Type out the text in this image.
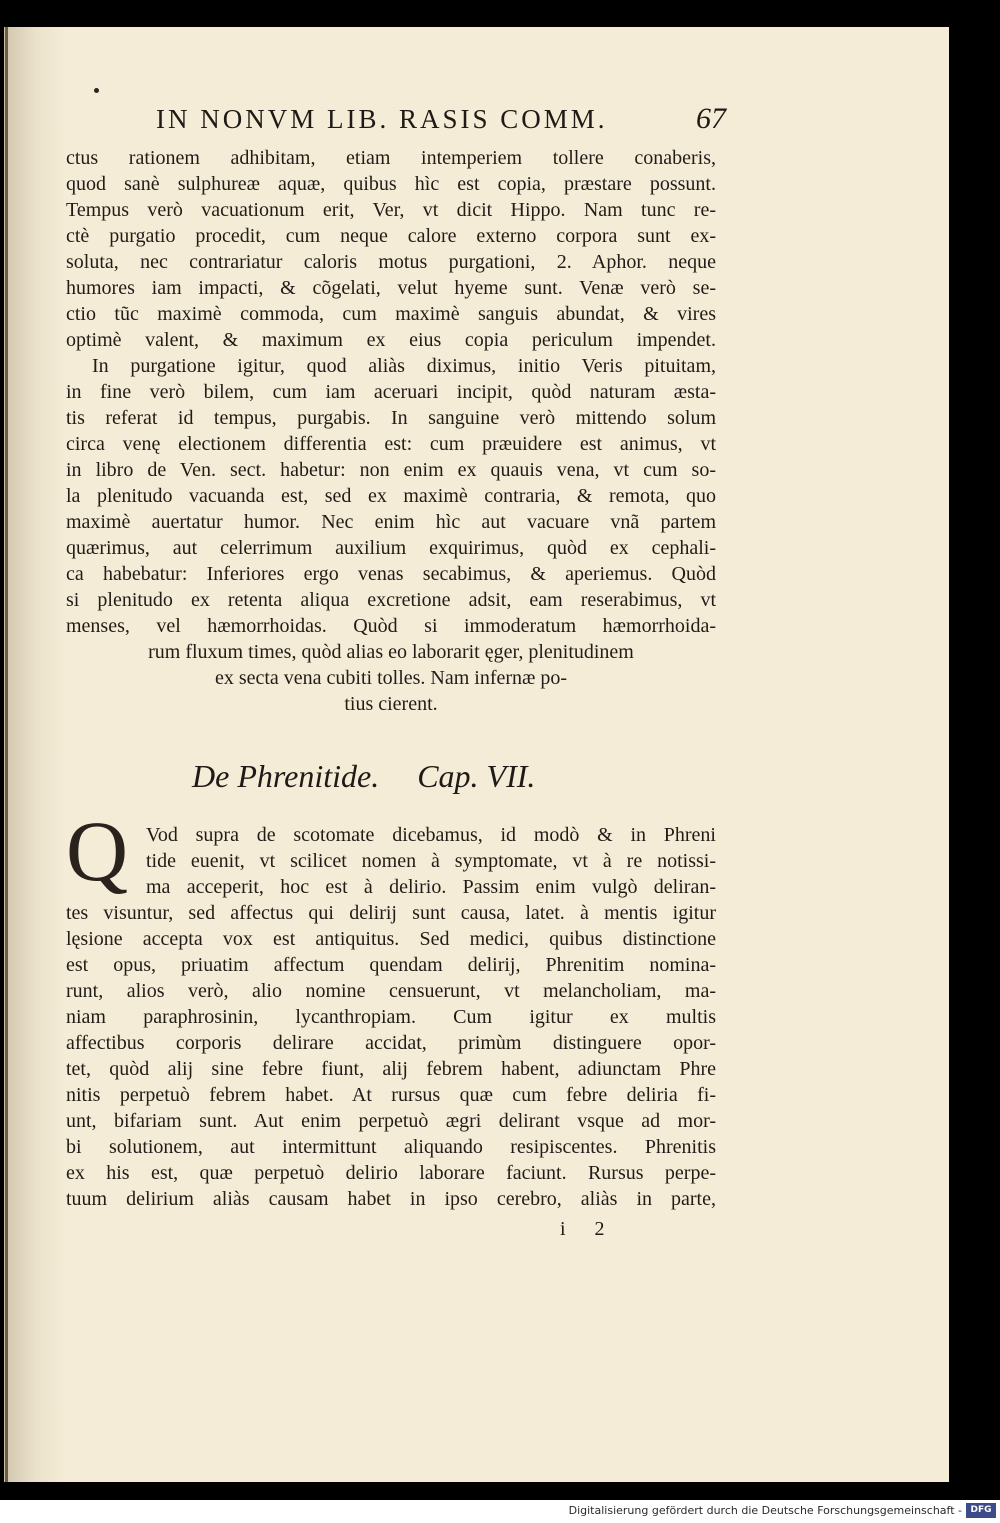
IN NONVM LIB. RASIS COMM.	67
ctus rationem adhibitam, etiam intemperiem tollere conaberis,
quod sanè sulphureæ aquæ, quibus hìc est copia, præstare possunt.
Tempus verò vacuationum erit, Ver, vt dicit Hippo. Nam tunc re-
ctè purgatio procedit, cum neque calore externo corpora sunt ex-
soluta, nec contrariatur caloris motus purgationi, 2. Aphor. neque
humores iam impacti, & cõgelati, velut hyeme sunt. Venæ verò se-
ctio tũc maximè commoda, cum maximè sanguis abundat, & vires
optimè valent, & maximum ex eius copia periculum impendet.
In purgatione igitur, quod aliàs diximus, initio Veris pituitam,
in fine verò bilem, cum iam aceruari incipit, quòd naturam æsta-
tis referat id tempus, purgabis. In sanguine verò mittendo solum
circa venę electionem differentia est: cum præuidere est animus, vt
in libro de Ven. sect. habetur: non enim ex quauis vena, vt cum so-
la plenitudo vacuanda est, sed ex maximè contraria, & remota, quo
maximè auertatur humor. Nec enim hìc aut vacuare vnã partem
quærimus, aut celerrimum auxilium exquirimus, quòd ex cephali-
ca habebatur: Inferiores ergo venas secabimus, & aperiemus. Quòd
si plenitudo ex retenta aliqua excretione adsit, eam reserabimus, vt
menses, vel hæmorrhoidas. Quòd si immoderatum hæmorrhoida-
rum fluxum times, quòd alias eo laborarit ęger, plenitudinem
ex secta vena cubiti tolles. Nam infernæ po-
tius cierent.
De Phrenitide. Cap. VII.
Q Vod supra de scotomate dicebamus, id modò & in Phreni
tide euenit, vt scilicet nomen à symptomate, vt à re notissi-
ma acceperit, hoc est à delirio. Passim enim vulgò deliran-
tes visuntur, sed affectus qui delirij sunt causa, latet. à mentis igitur
lęsione accepta vox est antiquitus. Sed medici, quibus distinctione
est opus, priuatim affectum quendam delirij, Phrenitim nomina-
runt, alios verò, alio nomine censuerunt, vt melancholiam, ma-
niam paraphrosinin, lycanthropiam. Cum igitur ex multis
affectibus corporis delirare accidat, primùm distinguere opor-
tet, quòd alij sine febre fiunt, alij febrem habent, adiunctam Phre
nitis perpetuò febrem habet. At rursus quæ cum febre deliria fi-
unt, bifariam sunt. Aut enim perpetuò ægri delirant vsque ad mor-
bi solutionem, aut intermittunt aliquando resipiscentes. Phrenitis
ex his est, quæ perpetuò delirio laborare faciunt. Rursus perpe-
tuum delirium aliàs causam habet in ipso cerebro, aliàs in parte,
i 2
Digitalisierung gefördert durch die Deutsche Forschungsgemeinschaft - DFG
